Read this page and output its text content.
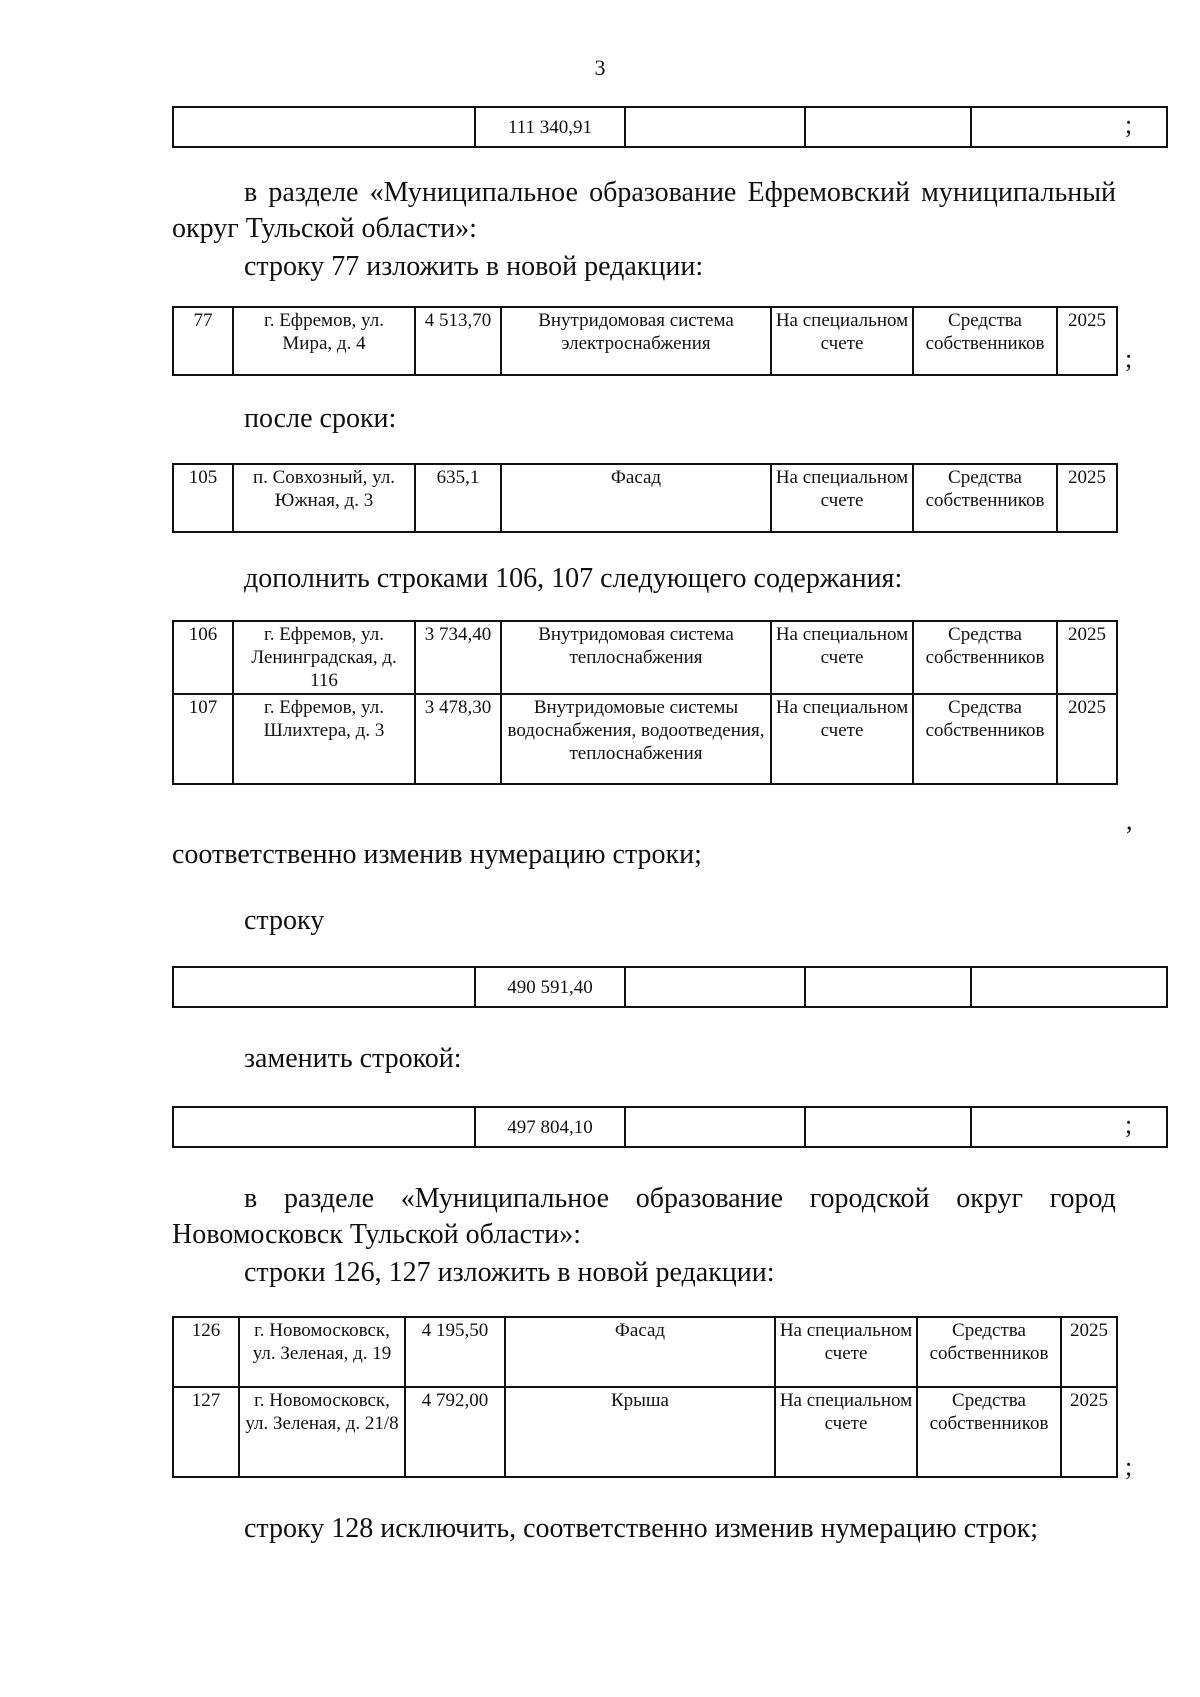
3
	111 340,91				;
в разделе «Муниципальное образование Ефремовский муниципальный
округ Тульской области»:
строку 77 изложить в новой редакции:
77	г. Ефремов, ул. Мира, д. 4	4 513,70	Внутридомовая система электроснабжения	На специальном счете	Средства собственников	2025
;
после сроки:
105	п. Совхозный, ул. Южная, д. 3	635,1	Фасад	На специальном счете	Средства собственников	2025
дополнить строками 106, 107 следующего содержания:
106	г. Ефремов, ул. Ленинградская, д. 116	3 734,40	Внутридомовая система теплоснабжения	На специальном счете	Средства собственников	2025
107	г. Ефремов, ул. Шлихтера, д. 3	3 478,30	Внутридомовые системы водоснабжения, водоотведения, теплоснабжения	На специальном счете	Средства собственников	2025
,
соответственно изменив нумерацию строки;
строку
	490 591,40			
заменить строкой:
	497 804,10				;
в разделе «Муниципальное образование городской округ город
Новомосковск Тульской области»:
строки 126, 127 изложить в новой редакции:
126	г. Новомосковск, ул. Зеленая, д. 19	4 195,50	Фасад	На специальном счете	Средства собственников	2025
127	г. Новомосковск, ул. Зеленая, д. 21/8	4 792,00	Крыша	На специальном счете	Средства собственников	2025
;
строку 128 исключить, соответственно изменив нумерацию строк;
